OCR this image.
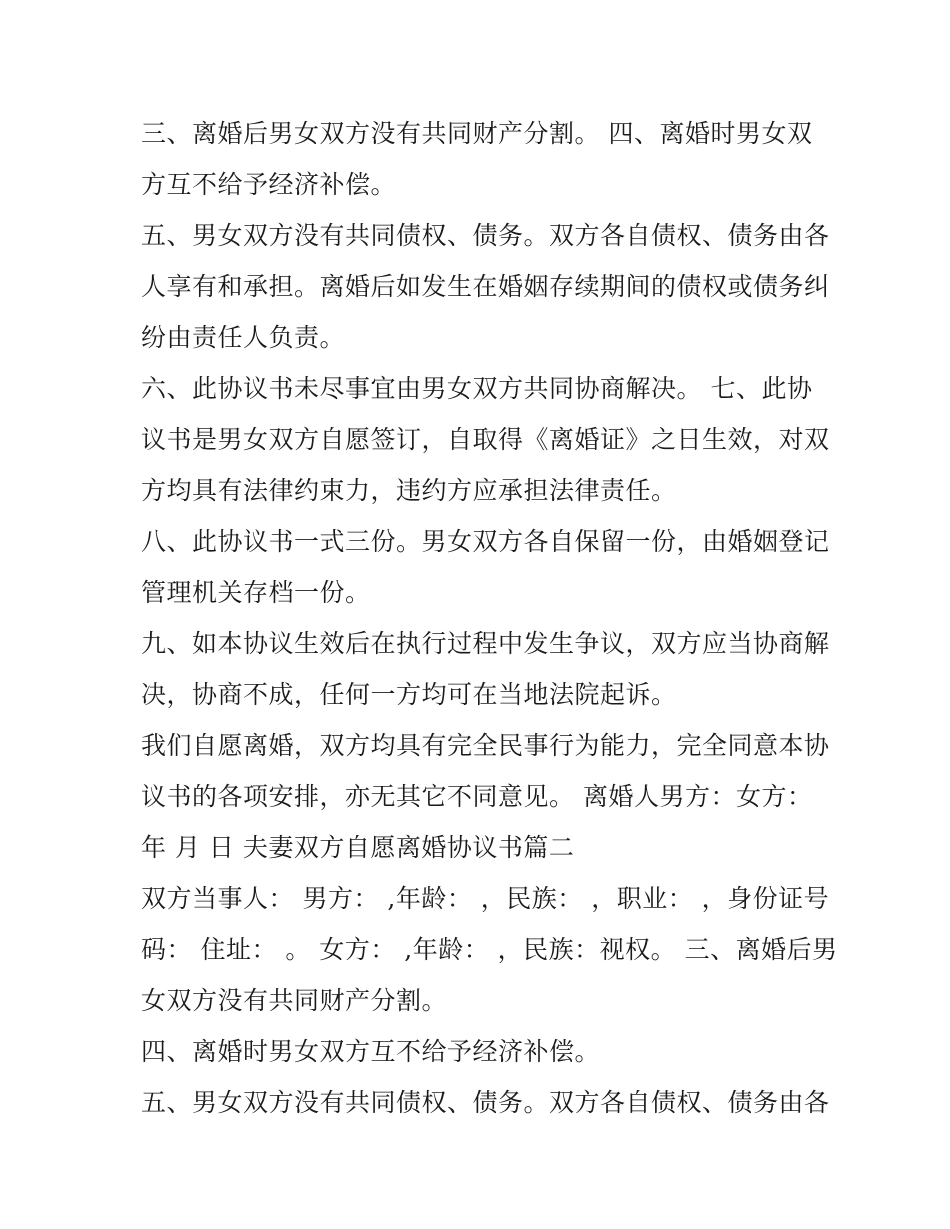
三、离婚后男女双方没有共同财产分割。 四、离婚时男女双
方互不给予经济补偿。
五、男女双方没有共同债权、债务。双方各自债权、债务由各
人享有和承担。离婚后如发生在婚姻存续期间的债权或债务纠
纷由责任人负责。
六、此协议书未尽事宜由男女双方共同协商解决。 七、此协
议书是男女双方自愿签订，自取得《离婚证》之日生效，对双
方均具有法律约束力，违约方应承担法律责任。
八、此协议书一式三份。男女双方各自保留一份，由婚姻登记
管理机关存档一份。
九、如本协议生效后在执行过程中发生争议，双方应当协商解
决，协商不成，任何一方均可在当地法院起诉。
我们自愿离婚，双方均具有完全民事行为能力，完全同意本协
议书的各项安排，亦无其它不同意见。 离婚人男方：女方：
年 月 日 夫妻双方自愿离婚协议书篇二
双方当事人： 男方： ,年龄： ，民族： ，职业： ，身份证号
码： 住址： 。 女方： ,年龄： ，民族：视权。 三、离婚后男
女双方没有共同财产分割。
四、离婚时男女双方互不给予经济补偿。
五、男女双方没有共同债权、债务。双方各自债权、债务由各
